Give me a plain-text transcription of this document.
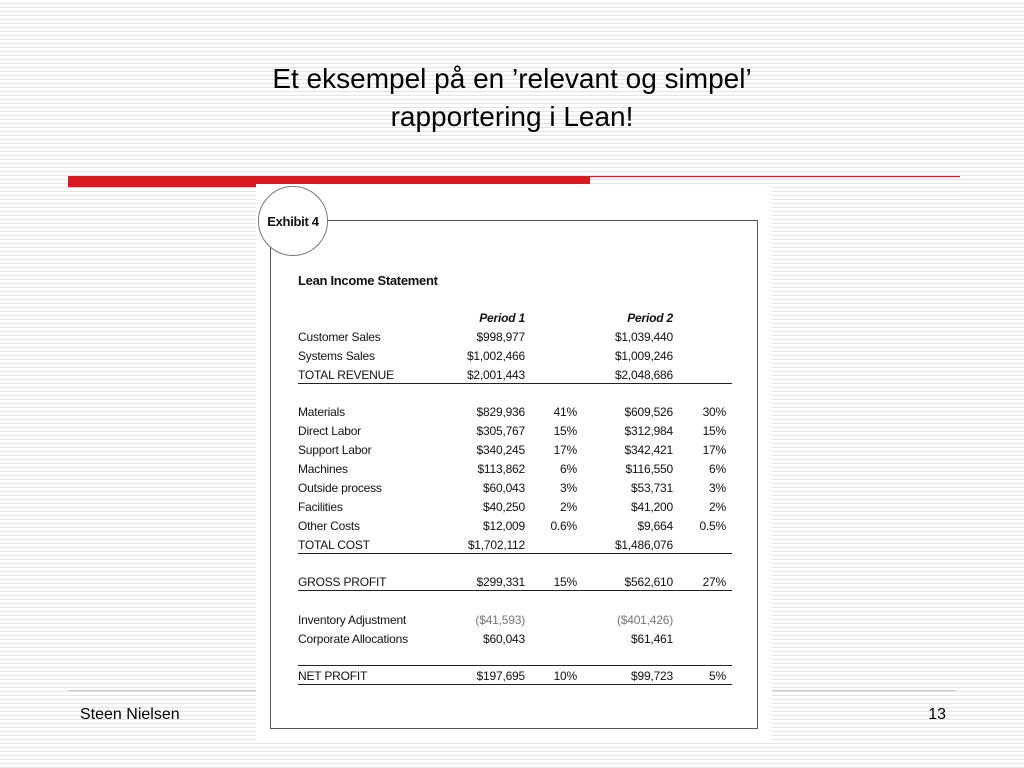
Et eksempel på en ’relevant og simpel’
rapportering i Lean!
Steen Nielsen	13
Exhibit 4
Lean Income Statement
Period 1	Period 2
Customer Sales	$998,977	$1,039,440
Systems Sales	$1,002,466	$1,009,246
TOTAL REVENUE	$2,001,443	$2,048,686
Materials	$829,936 41%	$609,526 30%
Direct Labor	$305,767 15%	$312,984 15%
Support Labor	$340,245 17%	$342,421 17%
Machines	$113,862	6%	$116,550	6%
Outside process	$60,043	3%	$53,731	3%
Facilities	$40,250	2%	$41,200	2%
Other Costs	$12,009 0.6%	$9,664 0.5%
TOTAL COST	$1,702,112	$1,486,076
GROSS PROFIT	$299,331 15%	$562,610 27%
Inventory Adjustment	($41,593)	($401,426)
Corporate Allocations	$60,043	$61,461
NET PROFIT	$197,695 10%	$99,723	5%
